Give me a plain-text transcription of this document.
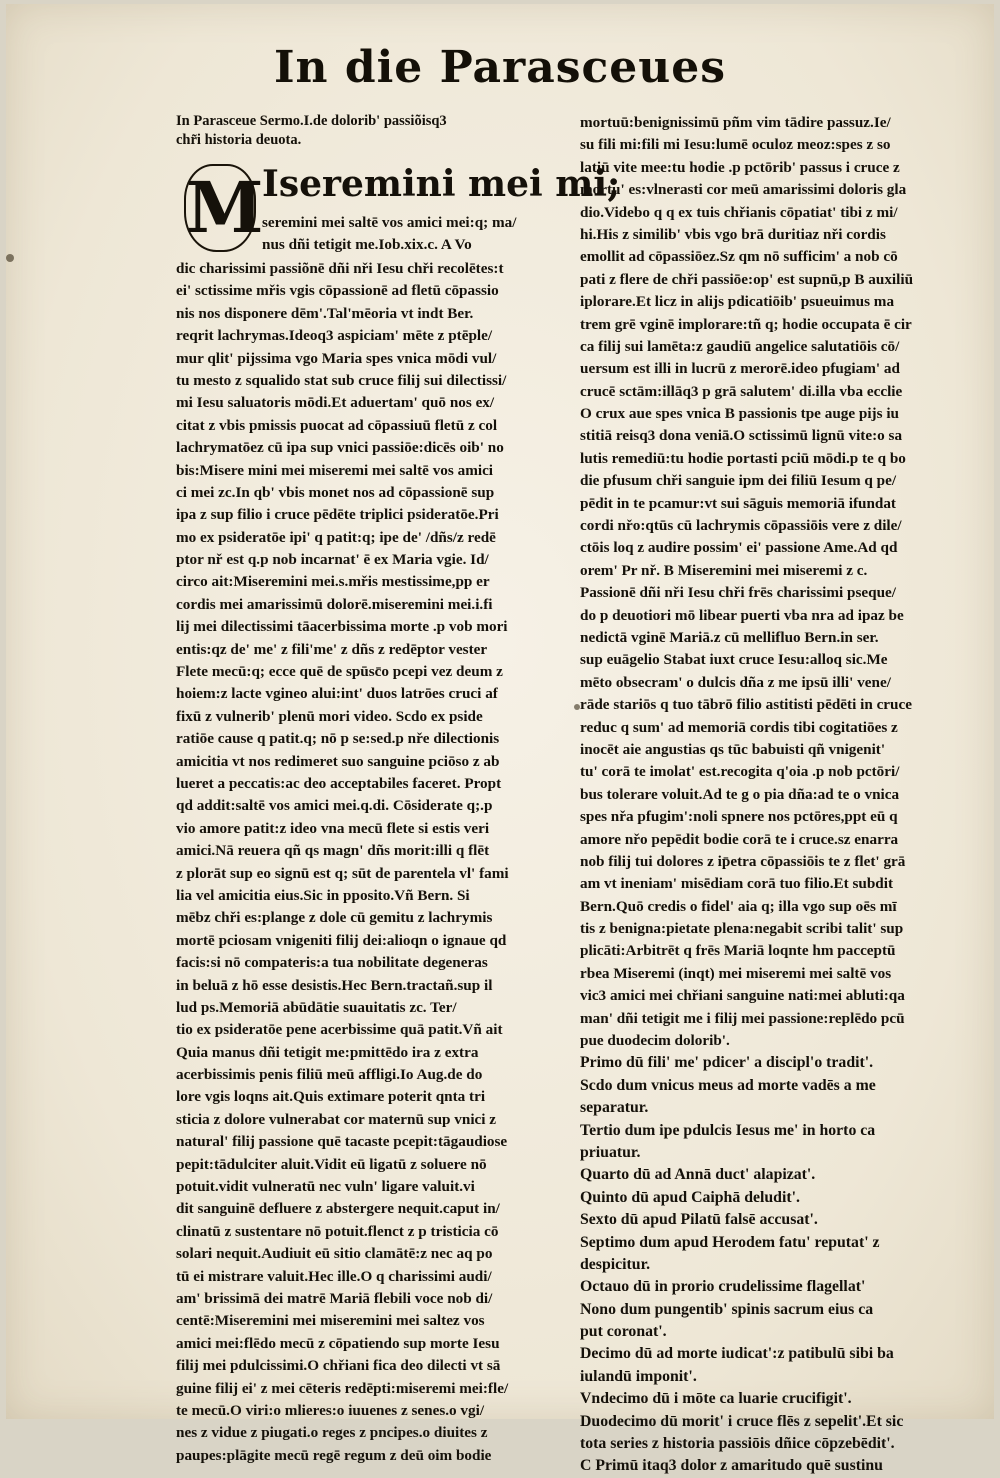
In die Parasceues
In Parasceue Sermo.I.de dolorib' passiõisq3
chr̃i historia deuota.
M
Iseremini mei mi;
seremini mei saltē vos amici mei:q; ma/
nus dñi tetigit me.Iob.xix.c. A Vo
dic charissimi passiõnē dñi nři Iesu chři recolētes:t
ei' sctissime mřis vgis cōpassionē ad fletū cōpassio
nis nos disponere dēm'.Tal'mēoria vt indt Ber.
reqrit lachrymas.Ideoq3 aspiciam' mēte z ptēple/
mur qlit' pijssima vgo Maria spes vnica mōdi vul/
tu mesto z squalido stat sub cruce filij sui dilectissi/
mi Iesu saluatoris mōdi.Et aduertam' quō nos ex/
citat z vbis pmissis puocat ad cōpassiuū fletū z col
lachrymatōez cū ipa sup vnici passiōe:dicēs oib' no
bis:Misere mini mei miseremi mei saltē vos amici
ci mei zc.In qb' vbis monet nos ad cōpassionē sup
ipa z sup filio i cruce pēdēte triplici psideratōe.Pri
mo ex psideratōe ipi' q patit:q; ipe de' /dñs/z redē
ptor nř est q.p nob incarnat' ē ex Maria vgie. Id/
circo ait:Miseremini mei.s.mřis mestissime,pp er
cordis mei amarissimū dolorē.miseremini mei.i.fi
lij mei dilectissimi tāacerbissima morte .p vob mori
entis:qz de' me' z fili'me' z dñs z redēptor vester
Flete mecū:q; ecce quē de spūsc̄o pcepi vez deum z
hoiem:z lacte vgineo alui:int' duos latrōes cruci af
fixū z vulnerib' plenū mori video. Scdo ex pside
ratiōe cause q patit.q; nō p se:sed.p nře dilectionis
amicitia vt nos redimeret suo sanguine pciōso z ab
lueret a peccatis:ac deo acceptabiles faceret. Propt
qd addit:saltē vos amici mei.q.di. Cōsiderate q;.p
vio amore patit:z ideo vna mecū flete si estis veri
amici.Nā reuera qñ qs magn' dñs morit:illi q flēt
z plorāt sup eo signū est q; sūt de parentela vl' fami
lia vel amicitia eius.Sic in pposito.Vñ Bern. Si
mēbz chři es:plange z dole cū gemitu z lachrymis
mortē pciosam vnigeniti filij dei:alioqn o ignaue qd
facis:si nō compateris:a tua nobilitate degeneras
in beluā z hō esse desistis.Hec Bern.tractañ.sup il
lud ps.Memoriā abūdātie suauitatis zc. Ter/
tio ex psideratōe pene acerbissime quā patit.Vñ ait
Quia manus dñi tetigit me:pmittēdo ira z extra
acerbissimis penis filiū meū affligi.Io Aug.de do
lore vgis loqns ait.Quis extimare poterit qnta tri
sticia z dolore vulnerabat cor maternū sup vnici z
natural' filij passione quē tacaste pcepit:tāgaudiose
pepit:tādulciter aluit.Vidit eū ligatū z soluere nō
potuit.vidit vulneratū nec vuln' ligare valuit.vi
dit sanguinē defluere z abstergere nequit.caput in/
clinatū z sustentare nō potuit.flenct z p tristicia cō
solari nequit.Audiuit eū sitio clamātē:z nec aq po
tū ei mistrare valuit.Hec ille.O q charissimi audi/
am' brissimā dei matrē Mariā flebili voce nob di/
centē:Miseremini mei miseremini mei saltez vos
amici mei:flēdo mecū z cōpatiendo sup morte Iesu
filij mei pdulcissimi.O chřiani fica deo dilecti vt sā
guine filij ei' z mei cēteris redēpti:miseremi mei:fle/
te mecū.O viri:o mlieres:o iuuenes z senes.o vgi/
nes z vidue z piugati.o reges z pncipes.o diuites z
paupes:plāgite mecū regē regum z deū oim bodie
mortuū:benignissimū pñm vim tādire passuz.Ie/
su fili mi:fili mi Iesu:lumē oculoz meoz:spes z so
latiū vite mee:tu hodie .p pctōrib' passus i cruce z
mortu' es:vlnerasti cor meū amarissimi doloris gla
dio.Videbo q q ex tuis chřianis cōpatiat' tibi z mi/
hi.His z similib' vbis vgo brā duritiaz nři cordis
emollit ad cōpassiōez.Sz qm nō sufficim' a nob cō
pati z flere de chři passiōe:op' est supnū,p B auxiliū
iplorare.Et licz in alijs pdicatiōib' psueuimus ma
trem grē vginē implorare:tñ q; hodie occupata ē cir
ca filij sui lamēta:z gaudiū angelice salutatiōis cō/
uersum est illi in lucrū z merorē.ideo pfugiam' ad
crucē sctām:illāq3 p grā salutem' di.illa vba ecclie
O crux aue spes vnica B passionis tpe auge pijs iu
stitiā reisq3 dona veniā.O sctissimū lignū vite:o sa
lutis remediū:tu hodie portasti pciū mōdi.p te q bo
die pfusum chři sanguie ipm dei filiū Iesum q pe/
pēdit in te pcamur:vt sui sāguis memoriā ifundat
cordi nřo:qtūs cū lachrymis cōpassiōis vere z dile/
ctōis loq z audire possim' ei' passione Ame.Ad qd
orem' Pr nř. B Miseremini mei miseremi z c.
Passionē dñi nři Iesu chři frēs charissimi pseque/
do p deuotiori mō libear puerti vba nra ad ipaz be
nedictā vginē Mariā.z cū mellifluo Bern.in ser.
sup euāgelio Stabat iuxt cruce Iesu:alloq sic.Me
mēto obsecram' o dulcis dña z me ipsū illi' vene/
rāde stariōs q tuo tābrō filio astitisti pēdēti in cruce
reduc q sum' ad memoriā cordis tibi cogitatiōes z
inocēt aie angustias qs tūc babuisti qñ vnigenit'
tu' corā te imolat' est.recogita q'oia .p nob pctōri/
bus tolerare voluit.Ad te g o pia dña:ad te o vnica
spes nřa pfugim':noli spnere nos pctōres,ppt eū q
amore nřo pepēdit bodie corā te i cruce.sz enarra
nob filij tui dolores z ip̄etra cōpassiōis te z flet' grā
am vt ineniam' misēdiam corā tuo filio.Et subdit
Bern.Quō credis o fidel' aia q; illa vgo sup oēs mī
tis z benigna:pietate plena:negabit scribi talit' sup
plicāti:Arbitrēt q frēs Mariā loqnte hm pacceptū
rbea Miseremi (inqt) mei miseremi mei saltē vos
vic3 amici mei chřiani sanguine nati:mei abluti:qa
man' dñi tetigit me i filij mei passione:replēdo pcū
pue duodecim dolorib'.
Primo dū fili' me' pdicer' a discipl'o tradit'.
Scdo dum vnicus meus ad morte vadēs a me
separatur.
Tertio dum ipe pdulcis Iesus me' in horto ca
priuatur.
Quarto dū ad Annā duct' alapizat'.
Quinto dū apud Caiphā deludit'.
Sexto dū apud Pilatū falsē accusat'.
Septimo dum apud Herodem fatu' reputat' z
despicitur.
Octauo dū in prorio crudelissime flagellat'
Nono dum pungentib' spinis sacrum eius ca
put coronat'.
Decimo dū ad morte iudicat':z patibulū sibi ba
iulandū imponit'.
Vndecimo dū i mōte ca luarie crucifigit'.
Duodecimo dū morit' i cruce flēs z sepelit'.Et sic
tota series z historia passiōis dñice cōpzebēdit'.
C Primū itaq3 dolor z amaritudo quē sustinu
